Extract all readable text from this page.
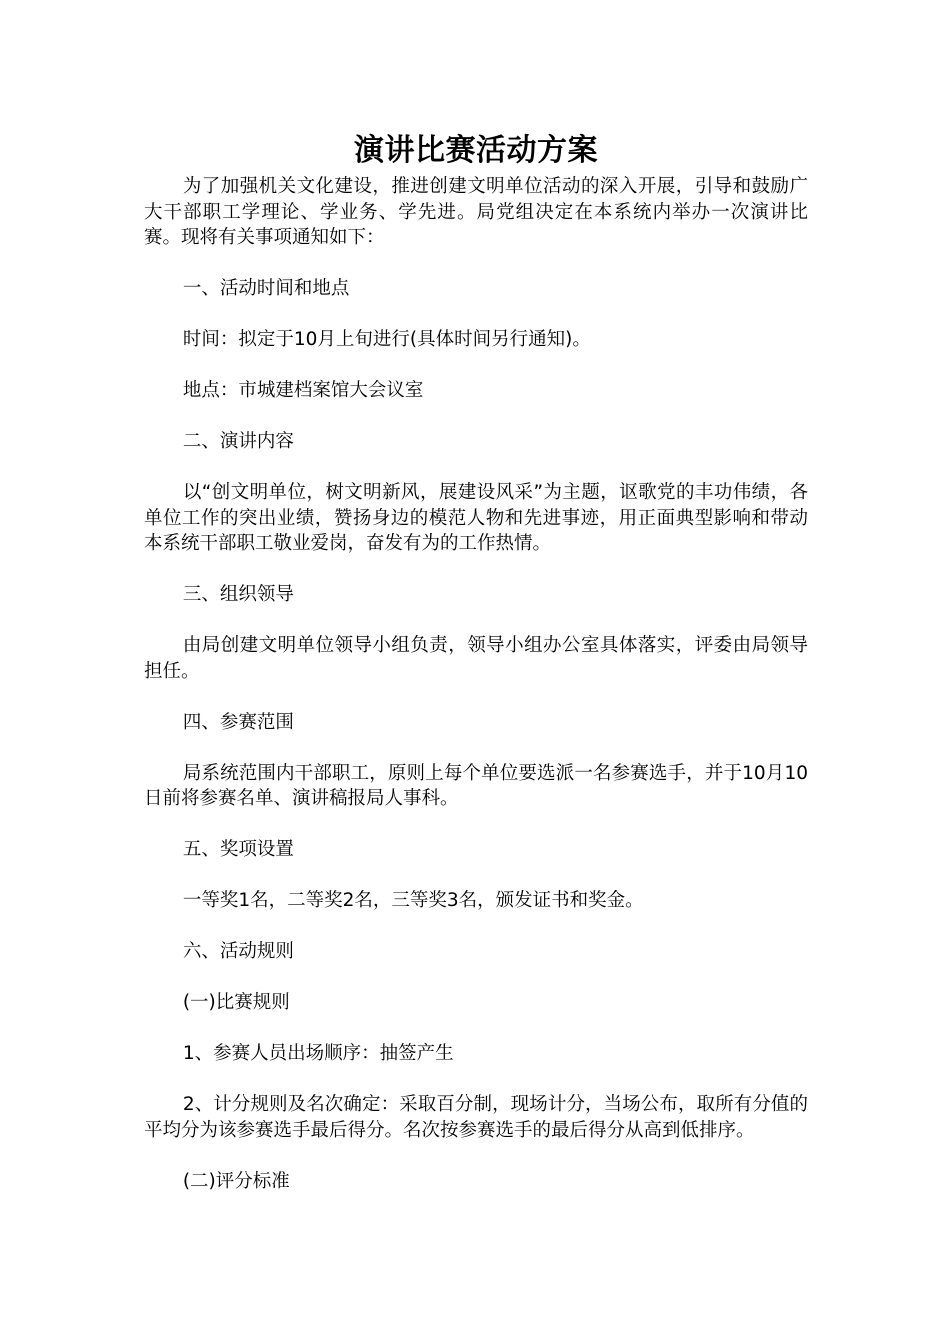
演讲比赛活动方案

为了加强机关文化建设，推进创建文明单位活动的深入开展，引导和鼓励广大干部职工学理论、学业务、学先进。局党组决定在本系统内举办一次演讲比赛。现将有关事项通知如下：

一、活动时间和地点

时间：拟定于10月上旬进行(具体时间另行通知)。

地点：市城建档案馆大会议室

二、演讲内容

以“创文明单位，树文明新风，展建设风采”为主题，讴歌党的丰功伟绩，各单位工作的突出业绩，赞扬身边的模范人物和先进事迹，用正面典型影响和带动本系统干部职工敬业爱岗，奋发有为的工作热情。

三、组织领导

由局创建文明单位领导小组负责，领导小组办公室具体落实，评委由局领导担任。

四、参赛范围

局系统范围内干部职工，原则上每个单位要选派一名参赛选手，并于10月10日前将参赛名单、演讲稿报局人事科。

五、奖项设置

一等奖1名，二等奖2名，三等奖3名，颁发证书和奖金。

六、活动规则

(一)比赛规则

1、参赛人员出场顺序：抽签产生

2、计分规则及名次确定：采取百分制，现场计分，当场公布，取所有分值的平均分为该参赛选手最后得分。名次按参赛选手的最后得分从高到低排序。

(二)评分标准
